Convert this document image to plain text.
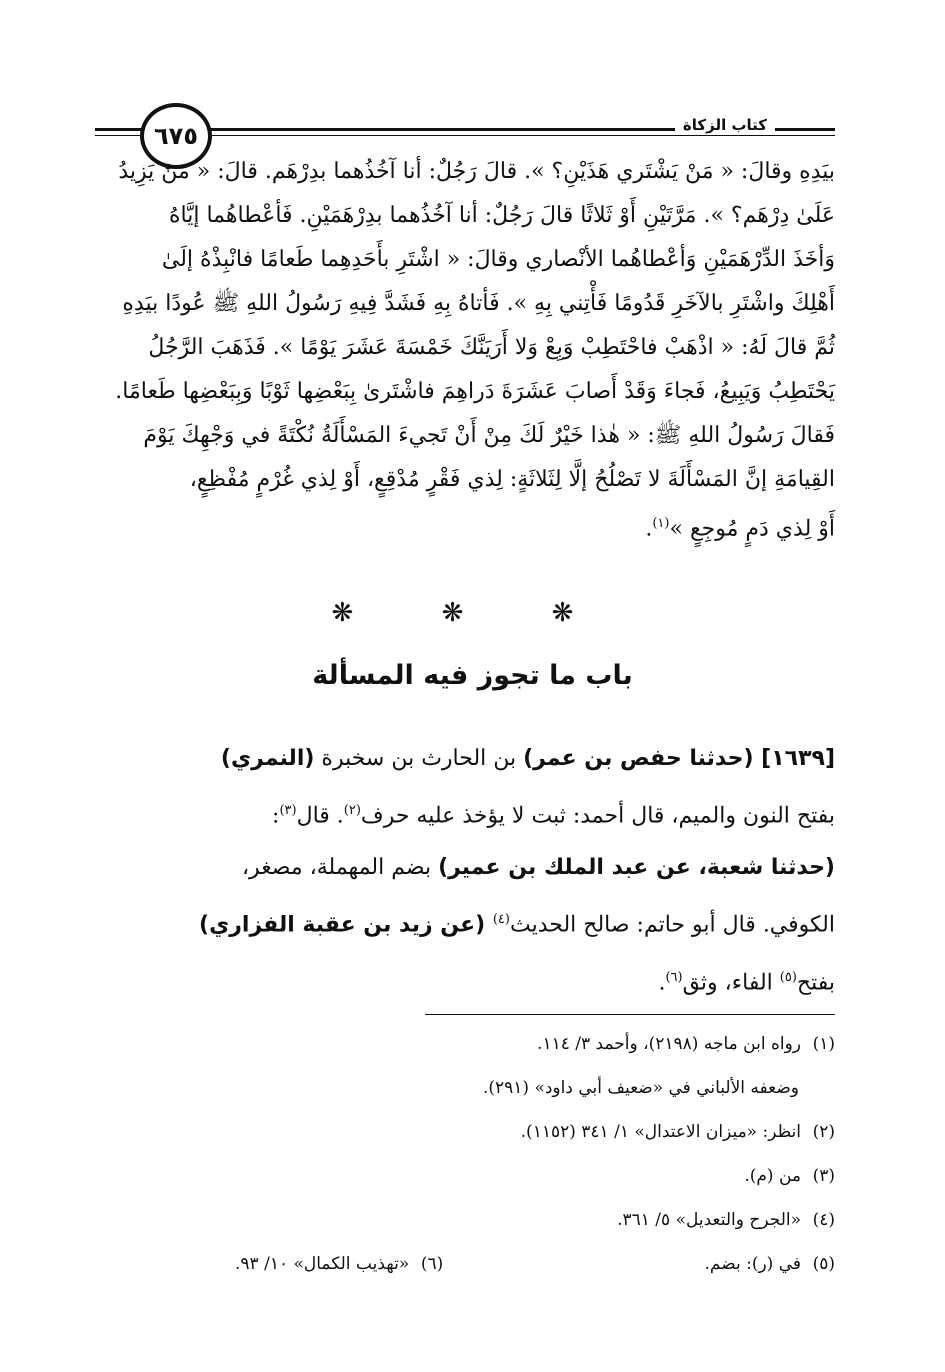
كتاب الزكاة
٦٧٥

بيَدِهِ وقالَ: « مَنْ يَشْتَري هَذَيْنِ؟ ». قالَ رَجُلٌ: أنا آخُذُهما بدِرْهَم. قالَ: « مَنْ يَزِيدُ

عَلَىٰ دِرْهَم؟ ». مَرَّتَيْنِ أَوْ ثَلاثًا قالَ رَجُلٌ: أنا آخُذُهما بدِرْهَمَيْنِ. فَأعْطاهُما إيَّاهُ

وَأخَذَ الدِّرْهَمَيْنِ وَأعْطاهُما الأنْصاري وقالَ: « اشْتَرِ بأَحَدِهِما طَعامًا فانْبِذْهُ إلَىٰ

أَهْلِكَ واشْتَرِ بالآخَرِ قَدُومًا فَأْتِني بِهِ ». فَأتاهُ بِهِ فَشَدَّ فِيهِ رَسُولُ اللهِ ﷺ عُودًا بيَدِهِ

ثُمَّ قالَ لَهُ: « اذْهَبْ فاحْتَطِبْ وَبِعْ وَلا أَرَيَنَّكَ خَمْسَةَ عَشَرَ يَوْمًا ». فَذَهَبَ الرَّجُلُ

يَحْتَطِبُ وَيَبِيعُ، فَجاءَ وَقَدْ أَصابَ عَشَرَةَ دَراهِمَ فاشْتَرىٰ بِبَعْضِها ثَوْبًا وَبِبَعْضِها طَعامًا.

فَقالَ رَسُولُ اللهِ ﷺ: « هٰذا خَيْرٌ لَكَ مِنْ أَنْ تَجيءَ المَسْأَلَةُ نُكْتَةً في وَجْهِكَ يَوْمَ

القِيامَةِ إنَّ المَسْأَلَةَ لا تَصْلُحُ إلَّا لِثَلاثَةٍ: لِذي فَقْرٍ مُدْقِعٍ، أَوْ لِذي غُرْمٍ مُفْظِعٍ،

أَوْ لِذي دَمٍ مُوجِعٍ »$^{(١)}$.

❋ ❋ ❋
باب ما تجوز فيه المسألة

[١٦٣٩] (حدثنا حفص بن عمر) بن الحارث بن سخبرة (النمري)

بفتح النون والميم، قال أحمد: ثبت لا يؤخذ عليه حرف$^{(٢)}$. قال$^{(٣)}$:

(حدثنا شعبة، عن عبد الملك بن عمير) بضم المهملة، مصغر،

الكوفي. قال أبو حاتم: صالح الحديث$^{(٤)}$ (عن زيد بن عقبة الفزاري)

بفتح$^{(٥)}$ الفاء، وثق$^{(٦)}$.

(١)رواه ابن ماجه (٢١٩٨)، وأحمد ٣/ ١١٤.

وضعفه الألباني في «ضعيف أبي داود» (٢٩١).

(٢)انظر: «ميزان الاعتدال» ١/ ٣٤١ (١١٥٢).

(٣)من (م).

(٤)«الجرح والتعديل» ٥/ ٣٦١.

(٥)في (ر): بضم.
(٦)«تهذيب الكمال» ١٠/ ٩٣.
